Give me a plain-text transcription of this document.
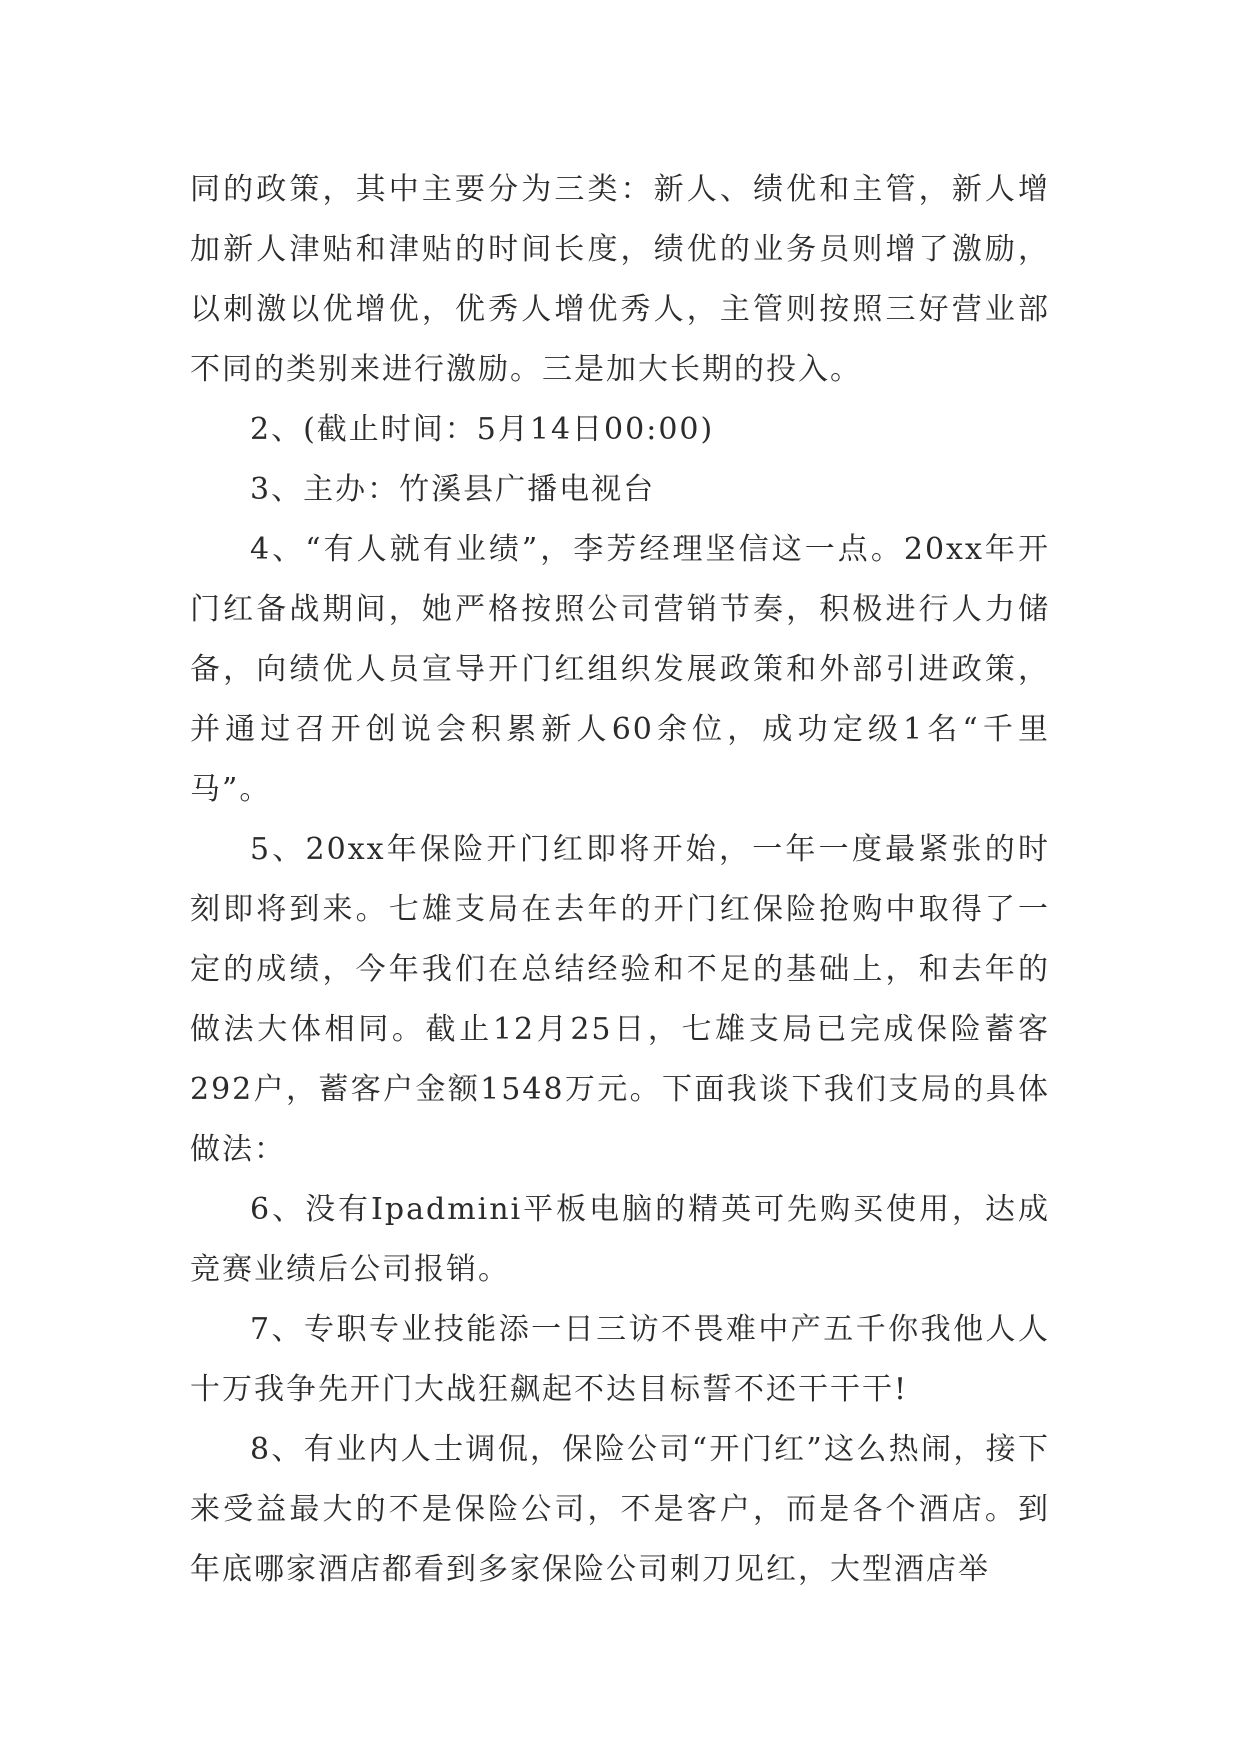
同的政策，其中主要分为三类：新人、绩优和主管，新人增加新人津贴和津贴的时间长度，绩优的业务员则增了激励，以刺激以优增优，优秀人增优秀人，主管则按照三好营业部不同的类别来进行激励。三是加大长期的投入。

2、(截止时间：5月14日00:00)

3、主办：竹溪县广播电视台

4、“有人就有业绩”，李芳经理坚信这一点。20xx年开门红备战期间，她严格按照公司营销节奏，积极进行人力储备，向绩优人员宣导开门红组织发展政策和外部引进政策，并通过召开创说会积累新人60余位，成功定级1名“千里马”。

5、20xx年保险开门红即将开始，一年一度最紧张的时刻即将到来。七雄支局在去年的开门红保险抢购中取得了一定的成绩，今年我们在总结经验和不足的基础上，和去年的做法大体相同。截止12月25日，七雄支局已完成保险蓄客292户，蓄客户金额1548万元。下面我谈下我们支局的具体做法：

6、没有Ipadmini平板电脑的精英可先购买使用，达成竞赛业绩后公司报销。

7、专职专业技能添一日三访不畏难中产五千你我他人人十万我争先开门大战狂飙起不达目标誓不还干干干!

8、有业内人士调侃，保险公司“开门红”这么热闹，接下来受益最大的不是保险公司，不是客户，而是各个酒店。到年底哪家酒店都看到多家保险公司刺刀见红，大型酒店举
